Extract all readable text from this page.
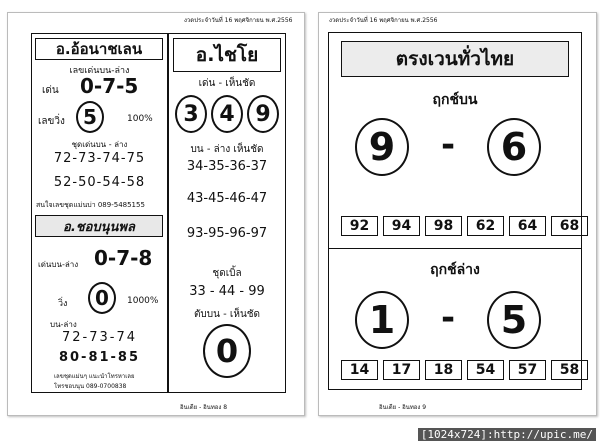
งวดประจำวันที่ 16 พฤศจิกายน พ.ศ.2556
อ.อ้อนาชเลน
เลขเด่นบน-ล่าง
เด่น 0-7-5
เลขวิ่ง 5	100%
ชุดเด่นบน - ล่าง
72-73-74-75
52-50-54-58
สนใจเลขชุดแม่นบ่า 089-5485155
อ.ชอบนุนพล
เด่นบน-ล่าง 0-7-8
วิ่ง 0 1000%
บน-ล่าง
72-73-74
80-81-85
เลขชุดแม่นๆ แนะนำโทรหาเลย
โทรชอบนุน 089-0700838
อ.ไชโย
เด่น - เห็นชัด
3 4 9
บน - ล่าง เห็นชัด
34-35-36-37
43-45-46-47
93-95-96-97
ชุดเบิ้ล
33 - 44 - 99
ตับบน - เห็นชัด
0
อินเดีย - อินทอง 8
งวดประจำวันที่ 16 พฤศจิกายน พ.ศ.2556
ตรงเวนทั่วไทย
ฤกช์บน
9 - 6
92	94	98	62	64	68
ฤกช์ล่าง
1 - 5
14	17	18	54	57	58
อินเดีย - อินทอง 9
[1024x724]:http://upic.me/
